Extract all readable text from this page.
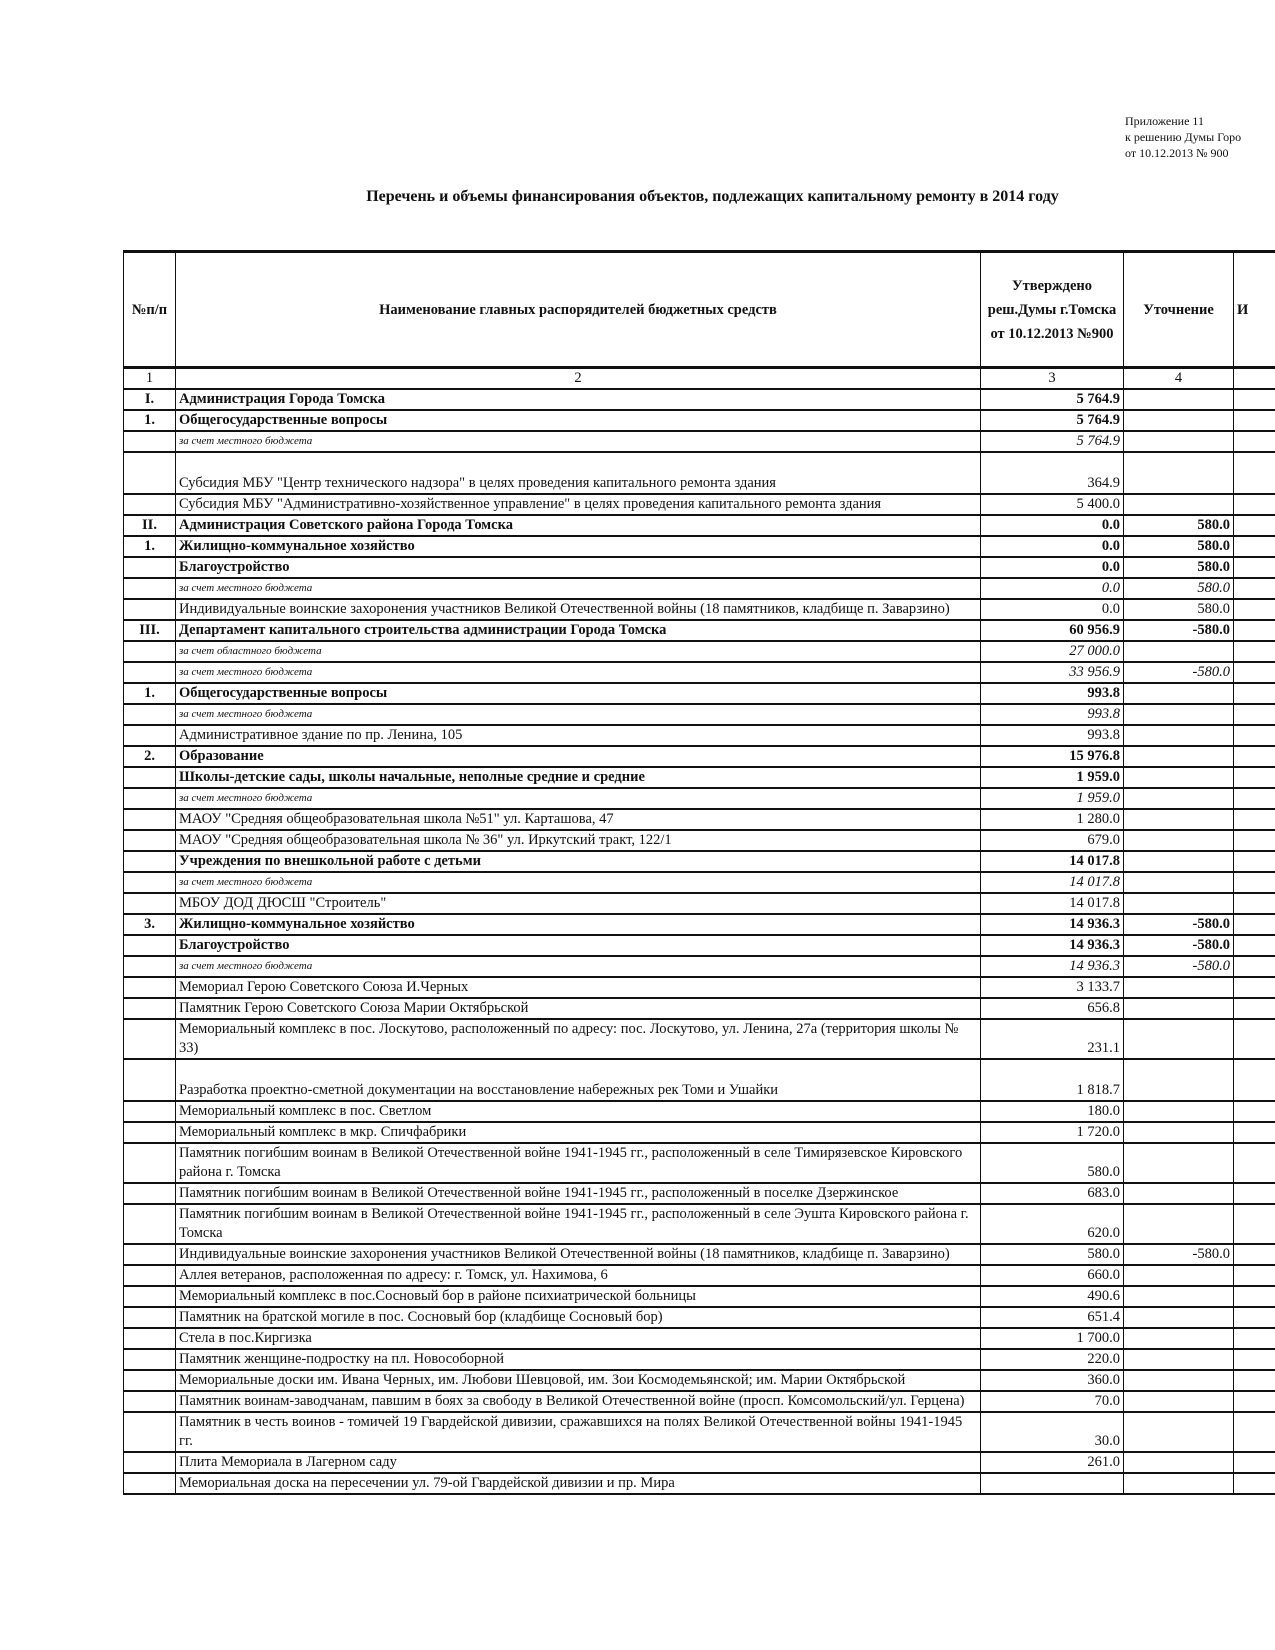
Приложение 11
к решению Думы Горо
от 10.12.2013 № 900
Перечень и объемы финансирования объектов, подлежащих капитальному ремонту в 2014 году
№п/п	Наименование главных распорядителей бюджетных средств	Утверждено реш.Думы г.Томска от 10.12.2013 №900	Уточнение	И
1	2	3	4	
I.	Администрация Города Томска	5 764.9		
1.	Общегосударственные вопросы	5 764.9		
	за счет местного бюджета	5 764.9		
	Субсидия МБУ "Центр технического надзора" в целях проведения капитального ремонта здания	364.9		
	Субсидия МБУ "Административно-хозяйственное управление" в целях проведения капитального ремонта здания	5 400.0		
II.	Администрация Советского района Города Томска	0.0	580.0	
1.	Жилищно-коммунальное хозяйство	0.0	580.0	
	Благоустройство	0.0	580.0	
	за счет местного бюджета	0.0	580.0	
	Индивидуальные воинские захоронения участников Великой Отечественной войны (18 памятников, кладбище п. Заварзино)	0.0	580.0	
III.	Департамент капитального строительства администрации Города Томска	60 956.9	-580.0	
	за счет областного бюджета	27 000.0		
	за счет местного бюджета	33 956.9	-580.0	
1.	Общегосударственные вопросы	993.8		
	за счет местного бюджета	993.8		
	Административное здание по пр. Ленина, 105	993.8		
2.	Образование	15 976.8		
	Школы-детские сады, школы начальные, неполные средние и средние	1 959.0		
	за счет местного бюджета	1 959.0		
	МАОУ "Средняя общеобразовательная школа №51" ул. Карташова, 47	1 280.0		
	МАОУ "Средняя общеобразовательная школа № 36" ул. Иркутский тракт, 122/1	679.0		
	Учреждения по внешкольной работе с детьми	14 017.8		
	за счет местного бюджета	14 017.8		
	МБОУ ДОД ДЮСШ "Строитель"	14 017.8		
3.	Жилищно-коммунальное хозяйство	14 936.3	-580.0	
	Благоустройство	14 936.3	-580.0	
	за счет местного бюджета	14 936.3	-580.0	
	Мемориал Герою Советского Союза И.Черных	3 133.7		
	Памятник Герою Советского Союза Марии Октябрьской	656.8		
	Мемориальный комплекс в пос. Лоскутово, расположенный по адресу: пос. Лоскутово, ул. Ленина, 27а (территория школы № 33)	231.1		
	Разработка проектно-сметной документации на восстановление набережных рек Томи и Ушайки	1 818.7		
	Мемориальный комплекс в пос. Светлом	180.0		
	Мемориальный комплекс в мкр. Спичфабрики	1 720.0		
	Памятник погибшим воинам в Великой Отечественной войне 1941-1945 гг., расположенный в селе Тимирязевское Кировского района г. Томска	580.0		
	Памятник погибшим воинам в Великой Отечественной войне 1941-1945 гг., расположенный в поселке Дзержинское	683.0		
	Памятник погибшим воинам в Великой Отечественной войне 1941-1945 гг., расположенный в селе Эушта Кировского района г. Томска	620.0		
	Индивидуальные воинские захоронения участников Великой Отечественной войны (18 памятников, кладбище п. Заварзино)	580.0	-580.0	
	Аллея ветеранов, расположенная по адресу: г. Томск, ул. Нахимова, 6	660.0		
	Мемориальный комплекс в пос.Сосновый бор в районе психиатрической больницы	490.6		
	Памятник на братской могиле в пос. Сосновый бор (кладбище Сосновый бор)	651.4		
	Стела в пос.Киргизка	1 700.0		
	Памятник женщине-подростку на пл. Новособорной	220.0		
	Мемориальные доски им. Ивана Черных, им. Любови Шевцовой, им. Зои Космодемьянской; им. Марии Октябрьской	360.0		
	Памятник воинам-заводчанам, павшим в боях за свободу в Великой Отечественной войне (просп. Комсомольский/ул. Герцена)	70.0		
	Памятник в честь воинов - томичей 19 Гвардейской дивизии, сражавшихся на полях Великой Отечественной войны 1941-1945 гг.	30.0		
	Плита Мемориала в Лагерном саду	261.0		
	Мемориальная доска на пересечении ул. 79-ой Гвардейской дивизии и пр. Мира			
